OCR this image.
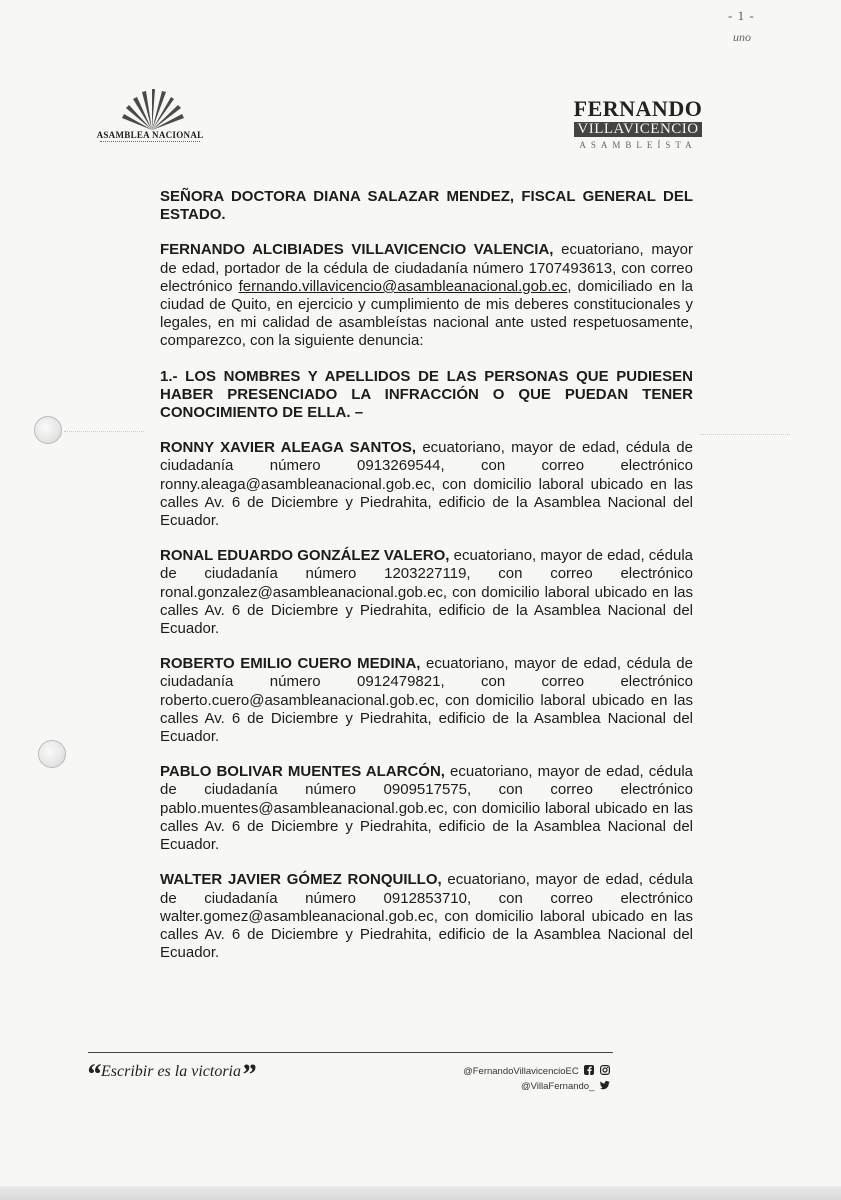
- 1 -
uno
ASAMBLEA NACIONAL
FERNANDO
VILLAVICENCIO
ASAMBLEÍSTA

SEÑORA DOCTORA DIANA SALAZAR MENDEZ, FISCAL GENERAL DEL ESTADO.

FERNANDO ALCIBIADES VILLAVICENCIO VALENCIA, ecuatoriano, mayor de edad, portador de la cédula de ciudadanía número 1707493613, con correo electrónico fernando.villavicencio@asambleanacional.gob.ec, domiciliado en la ciudad de Quito, en ejercicio y cumplimiento de mis deberes constitucionales y legales, en mi calidad de asambleístas nacional ante usted respetuosamente, comparezco, con la siguiente denuncia:

1.- LOS NOMBRES Y APELLIDOS DE LAS PERSONAS QUE PUDIESEN HABER PRESENCIADO LA INFRACCIÓN O QUE PUEDAN TENER CONOCIMIENTO DE ELLA. –

RONNY XAVIER ALEAGA SANTOS, ecuatoriano, mayor de edad, cédula de ciudadanía número 0913269544, con correo electrónico ronny.aleaga@asambleanacional.gob.ec, con domicilio laboral ubicado en las calles Av. 6 de Diciembre y Piedrahita, edificio de la Asamblea Nacional del Ecuador.

RONAL EDUARDO GONZÁLEZ VALERO, ecuatoriano, mayor de edad, cédula de ciudadanía número 1203227119, con correo electrónico ronal.gonzalez@asambleanacional.gob.ec, con domicilio laboral ubicado en las calles Av. 6 de Diciembre y Piedrahita, edificio de la Asamblea Nacional del Ecuador.

ROBERTO EMILIO CUERO MEDINA, ecuatoriano, mayor de edad, cédula de ciudadanía número 0912479821, con correo electrónico roberto.cuero@asambleanacional.gob.ec, con domicilio laboral ubicado en las calles Av. 6 de Diciembre y Piedrahita, edificio de la Asamblea Nacional del Ecuador.

PABLO BOLIVAR MUENTES ALARCÓN, ecuatoriano, mayor de edad, cédula de ciudadanía número 0909517575, con correo electrónico pablo.muentes@asambleanacional.gob.ec, con domicilio laboral ubicado en las calles Av. 6 de Diciembre y Piedrahita, edificio de la Asamblea Nacional del Ecuador.

WALTER JAVIER GÓMEZ RONQUILLO, ecuatoriano, mayor de edad, cédula de ciudadanía número 0912853710, con correo electrónico walter.gomez@asambleanacional.gob.ec, con domicilio laboral ubicado en las calles Av. 6 de Diciembre y Piedrahita, edificio de la Asamblea Nacional del Ecuador.

“Escribir es la victoria”	@FernandoVillavicencioEC
@VillaFernando_
